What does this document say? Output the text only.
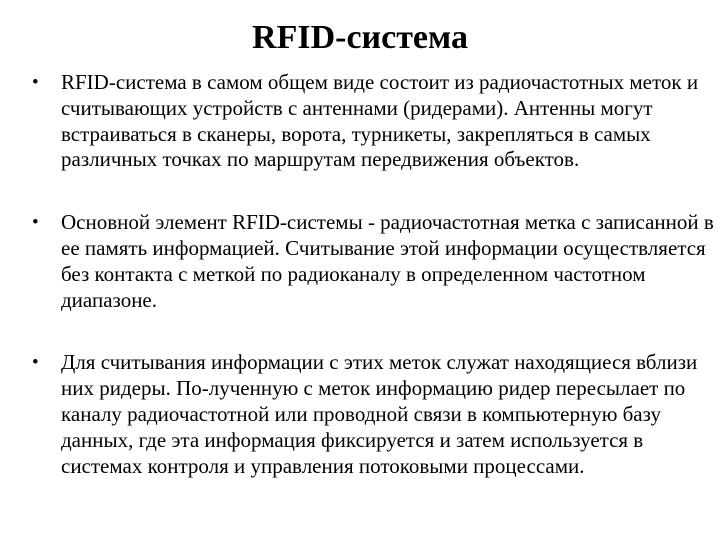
RFID-система
• RFID-система в самом общем виде состоит из радиочастотных меток и считывающих устройств с антеннами (ридерами). Антенны могут встраиваться в сканеры, ворота, турникеты, закрепляться в самых различных точках по маршрутам передвижения объектов.
• Основной элемент RFID-системы - радиочастотная метка с записанной в ее память информацией. Считывание этой информации осуществляется без контакта с меткой по радиоканалу в определенном частотном диапазоне.
• Для считывания информации с этих меток служат находящиеся вблизи них ридеры. По-лученную с меток информацию ридер пересылает по каналу радиочастотной или проводной связи в компьютерную базу данных, где эта информация фиксируется и затем используется в системах контроля и управления потоковыми процессами.
